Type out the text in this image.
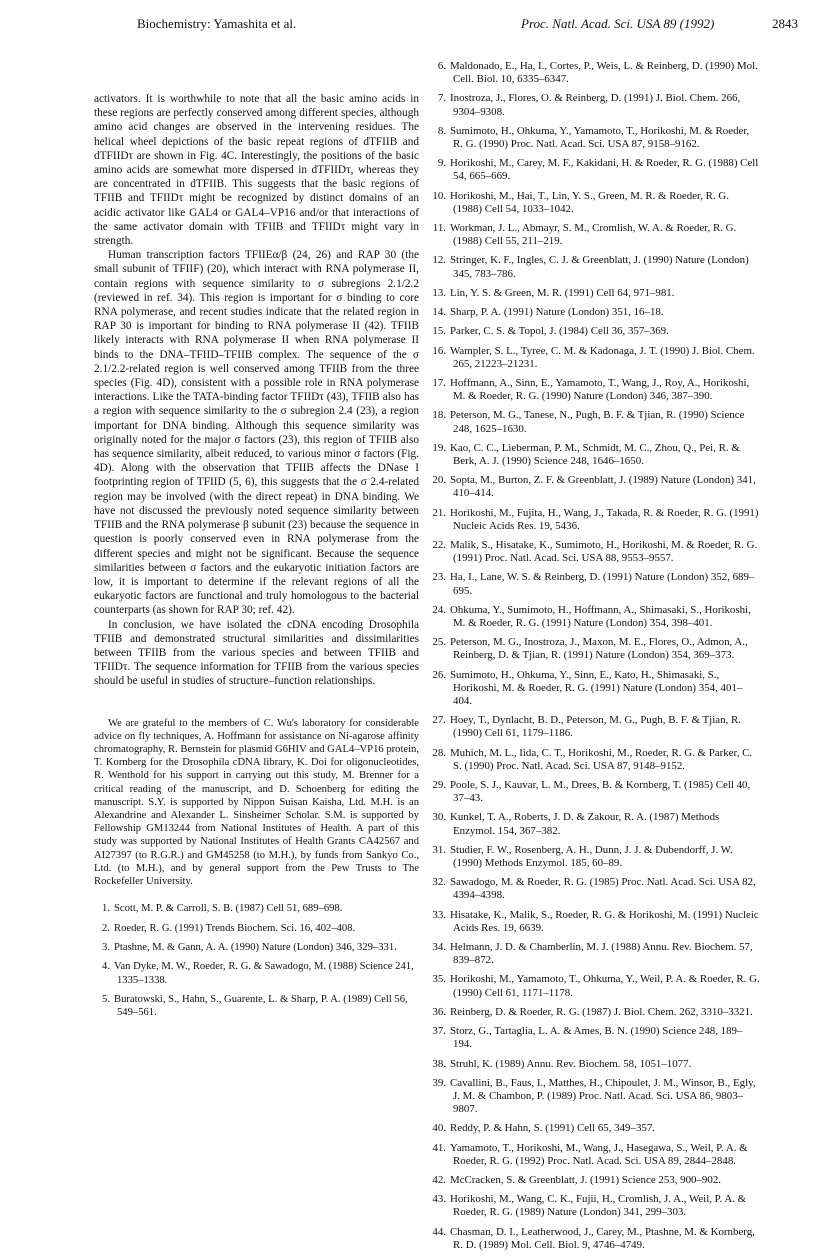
Biochemistry: Yamashita et al.	Proc. Natl. Acad. Sci. USA 89 (1992)	2843

activators. It is worthwhile to note that all the basic amino acids in these regions are perfectly conserved among different species, although amino acid changes are observed in the intervening residues. The helical wheel depictions of the basic repeat regions of dTFIIB and dTFIIDτ are shown in Fig. 4C. Interestingly, the positions of the basic amino acids are somewhat more dispersed in dTFIIDτ, whereas they are concentrated in dTFIIB. This suggests that the basic regions of TFIIB and TFIIDτ might be recognized by distinct domains of an acidic activator like GAL4 or GAL4–VP16 and/or that interactions of the same activator domain with TFIIB and TFIIDτ might vary in strength.

Human transcription factors TFIIEα/β (24, 26) and RAP 30 (the small subunit of TFIIF) (20), which interact with RNA polymerase II, contain regions with sequence similarity to σ subregions 2.1/2.2 (reviewed in ref. 34). This region is important for σ binding to core RNA polymerase, and recent studies indicate that the related region in RAP 30 is important for binding to RNA polymerase II (42). TFIIB likely interacts with RNA polymerase II when RNA polymerase II binds to the DNA–TFIID–TFIIB complex. The sequence of the σ 2.1/2.2-related region is well conserved among TFIIB from the three species (Fig. 4D), consistent with a possible role in RNA polymerase interactions. Like the TATA-binding factor TFIIDτ (43), TFIIB also has a region with sequence similarity to the σ subregion 2.4 (23), a region important for DNA binding. Although this sequence similarity was originally noted for the major σ factors (23), this region of TFIIB also has sequence similarity, albeit reduced, to various minor σ factors (Fig. 4D). Along with the observation that TFIIB affects the DNase I footprinting region of TFIID (5, 6), this suggests that the σ 2.4-related region may be involved (with the direct repeat) in DNA binding. We have not discussed the previously noted sequence similarity between TFIIB and the RNA polymerase β subunit (23) because the sequence in question is poorly conserved even in RNA polymerase from the different species and might not be significant. Because the sequence similarities between σ factors and the eukaryotic initiation factors are low, it is important to determine if the relevant regions of all the eukaryotic factors are functional and truly homologous to the bacterial counterparts (as shown for RAP 30; ref. 42).

In conclusion, we have isolated the cDNA encoding Drosophila TFIIB and demonstrated structural similarities and dissimilarities between TFIIB from the various species and between TFIIB and TFIIDτ. The sequence information for TFIIB from the various species should be useful in studies of structure–function relationships.

We are grateful to the members of C. Wu's laboratory for considerable advice on fly techniques, A. Hoffmann for assistance on Ni-agarose affinity chromatography, R. Bernstein for plasmid G6HIV and GAL4–VP16 protein, T. Kornberg for the Drosophila cDNA library, K. Doi for oligonucleotides, R. Wenthold for his support in carrying out this study, M. Brenner for a critical reading of the manuscript, and D. Schoenberg for editing the manuscript. S.Y. is supported by Nippon Suisan Kaisha, Ltd. M.H. is an Alexandrine and Alexander L. Sinsheimer Scholar. S.M. is supported by Fellowship GM13244 from National Institutes of Health. A part of this study was supported by National Institutes of Health Grants CA42567 and AI27397 (to R.G.R.) and GM45258 (to M.H.), by funds from Sankyo Co., Ltd. (to M.H.), and by general support from the Pew Trusts to The Rockefeller University.

1. Scott, M. P. & Carroll, S. B. (1987) Cell 51, 689–698.
2. Roeder, R. G. (1991) Trends Biochem. Sci. 16, 402–408.
3. Ptashne, M. & Gann, A. A. (1990) Nature (London) 346, 329–331.
4. Van Dyke, M. W., Roeder, R. G. & Sawadogo, M. (1988) Science 241, 1335–1338.
5. Buratowski, S., Hahn, S., Guarente, L. & Sharp, P. A. (1989) Cell 56, 549–561.
6. Maldonado, E., Ha, I., Cortes, P., Weis, L. & Reinberg, D. (1990) Mol. Cell. Biol. 10, 6335–6347.
7. Inostroza, J., Flores, O. & Reinberg, D. (1991) J. Biol. Chem. 266, 9304–9308.
8. Sumimoto, H., Ohkuma, Y., Yamamoto, T., Horikoshi, M. & Roeder, R. G. (1990) Proc. Natl. Acad. Sci. USA 87, 9158–9162.
9. Horikoshi, M., Carey, M. F., Kakidani, H. & Roeder, R. G. (1988) Cell 54, 665–669.
10. Horikoshi, M., Hai, T., Lin, Y. S., Green, M. R. & Roeder, R. G. (1988) Cell 54, 1033–1042.
11. Workman, J. L., Abmayr, S. M., Cromlish, W. A. & Roeder, R. G. (1988) Cell 55, 211–219.
12. Stringer, K. F., Ingles, C. J. & Greenblatt, J. (1990) Nature (London) 345, 783–786.
13. Lin, Y. S. & Green, M. R. (1991) Cell 64, 971–981.
14. Sharp, P. A. (1991) Nature (London) 351, 16–18.
15. Parker, C. S. & Topol, J. (1984) Cell 36, 357–369.
16. Wampler, S. L., Tyree, C. M. & Kadonaga, J. T. (1990) J. Biol. Chem. 265, 21223–21231.
17. Hoffmann, A., Sinn, E., Yamamoto, T., Wang, J., Roy, A., Horikoshi, M. & Roeder, R. G. (1990) Nature (London) 346, 387–390.
18. Peterson, M. G., Tanese, N., Pugh, B. F. & Tjian, R. (1990) Science 248, 1625–1630.
19. Kao, C. C., Lieberman, P. M., Schmidt, M. C., Zhou, Q., Pei, R. & Berk, A. J. (1990) Science 248, 1646–1650.
20. Sopta, M., Burton, Z. F. & Greenblatt, J. (1989) Nature (London) 341, 410–414.
21. Horikoshi, M., Fujita, H., Wang, J., Takada, R. & Roeder, R. G. (1991) Nucleic Acids Res. 19, 5436.
22. Malik, S., Hisatake, K., Sumimoto, H., Horikoshi, M. & Roeder, R. G. (1991) Proc. Natl. Acad. Sci. USA 88, 9553–9557.
23. Ha, I., Lane, W. S. & Reinberg, D. (1991) Nature (London) 352, 689–695.
24. Ohkuma, Y., Sumimoto, H., Hoffmann, A., Shimasaki, S., Horikoshi, M. & Roeder, R. G. (1991) Nature (London) 354, 398–401.
25. Peterson, M. G., Inostroza, J., Maxon, M. E., Flores, O., Admon, A., Reinberg, D. & Tjian, R. (1991) Nature (London) 354, 369–373.
26. Sumimoto, H., Ohkuma, Y., Sinn, E., Kato, H., Shimasaki, S., Horikoshi, M. & Roeder, R. G. (1991) Nature (London) 354, 401–404.
27. Hoey, T., Dynlacht, B. D., Peterson, M. G., Pugh, B. F. & Tjian, R. (1990) Cell 61, 1179–1186.
28. Muhich, M. L., Iida, C. T., Horikoshi, M., Roeder, R. G. & Parker, C. S. (1990) Proc. Natl. Acad. Sci. USA 87, 9148–9152.
29. Poole, S. J., Kauvar, L. M., Drees, B. & Kornberg, T. (1985) Cell 40, 37–43.
30. Kunkel, T. A., Roberts, J. D. & Zakour, R. A. (1987) Methods Enzymol. 154, 367–382.
31. Studier, F. W., Rosenberg, A. H., Dunn, J. J. & Dubendorff, J. W. (1990) Methods Enzymol. 185, 60–89.
32. Sawadogo, M. & Roeder, R. G. (1985) Proc. Natl. Acad. Sci. USA 82, 4394–4398.
33. Hisatake, K., Malik, S., Roeder, R. G. & Horikoshi, M. (1991) Nucleic Acids Res. 19, 6639.
34. Helmann, J. D. & Chamberlin, M. J. (1988) Annu. Rev. Biochem. 57, 839–872.
35. Horikoshi, M., Yamamoto, T., Ohkuma, Y., Weil, P. A. & Roeder, R. G. (1990) Cell 61, 1171–1178.
36. Reinberg, D. & Roeder, R. G. (1987) J. Biol. Chem. 262, 3310–3321.
37. Storz, G., Tartaglia, L. A. & Ames, B. N. (1990) Science 248, 189–194.
38. Struhl, K. (1989) Annu. Rev. Biochem. 58, 1051–1077.
39. Cavallini, B., Faus, I., Matthes, H., Chipoulet, J. M., Winsor, B., Egly, J. M. & Chambon, P. (1989) Proc. Natl. Acad. Sci. USA 86, 9803–9807.
40. Reddy, P. & Hahn, S. (1991) Cell 65, 349–357.
41. Yamamoto, T., Horikoshi, M., Wang, J., Hasegawa, S., Weil, P. A. & Roeder, R. G. (1992) Proc. Natl. Acad. Sci. USA 89, 2844–2848.
42. McCracken, S. & Greenblatt, J. (1991) Science 253, 900–902.
43. Horikoshi, M., Wang, C. K., Fujii, H., Cromlish, J. A., Weil, P. A. & Roeder, R. G. (1989) Nature (London) 341, 299–303.
44. Chasman, D. I., Leatherwood, J., Carey, M., Ptashne, M. & Kornberg, R. D. (1989) Mol. Cell. Biol. 9, 4746–4749.
